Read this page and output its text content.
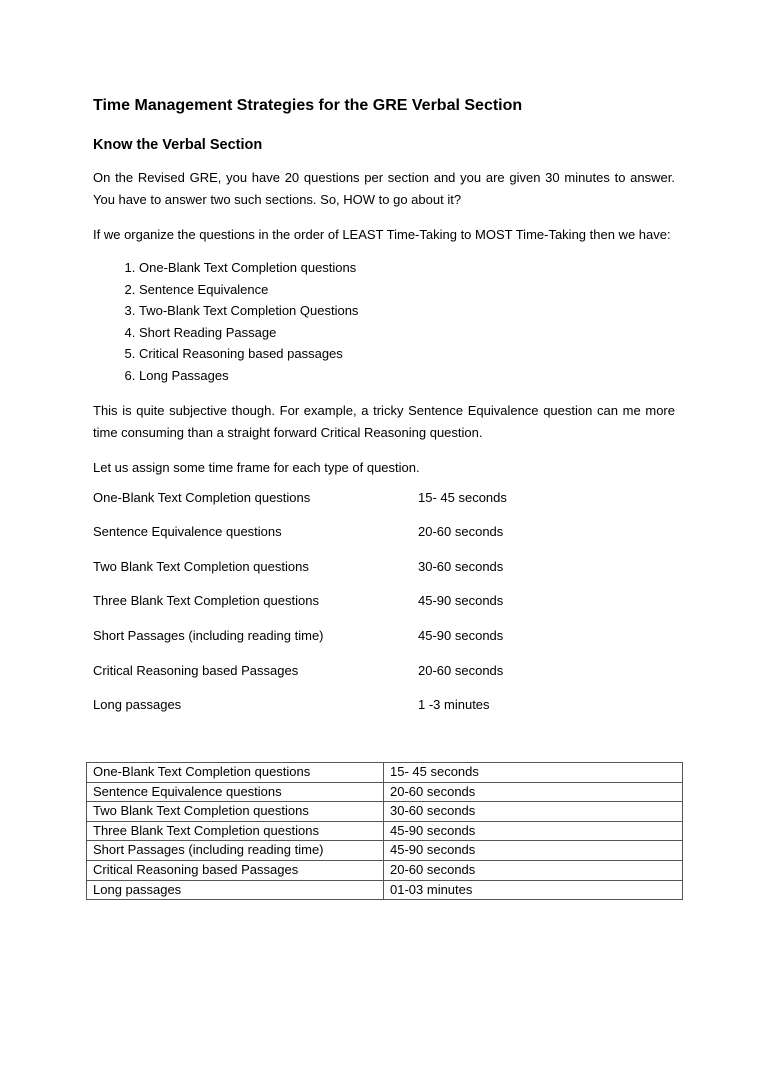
Time Management Strategies for the GRE Verbal Section
Know the Verbal Section

On the Revised GRE, you have 20 questions per section and you are given 30 minutes to answer. You have to answer two such sections. So, HOW to go about it?

If we organize the questions in the order of LEAST Time-Taking to MOST Time-Taking then we have:

1. One-Blank Text Completion questions
2. Sentence Equivalence
3. Two-Blank Text Completion Questions
4. Short Reading Passage
5. Critical Reasoning based passages
6. Long Passages

This is quite subjective though. For example, a tricky Sentence Equivalence question can me more time consuming than a straight forward Critical Reasoning question.

Let us assign some time frame for each type of question.

One-Blank Text Completion questions	15- 45 seconds
Sentence Equivalence questions	20-60 seconds
Two Blank Text Completion questions	30-60 seconds
Three Blank Text Completion questions	45-90 seconds
Short Passages (including reading time)	45-90 seconds
Critical Reasoning based Passages	20-60 seconds
Long passages	1 -3 minutes
One-Blank Text Completion questions	15- 45 seconds
Sentence Equivalence questions	20-60 seconds
Two Blank Text Completion questions	30-60 seconds
Three Blank Text Completion questions	45-90 seconds
Short Passages (including reading time)	45-90 seconds
Critical Reasoning based Passages	20-60 seconds
Long passages	01-03 minutes
